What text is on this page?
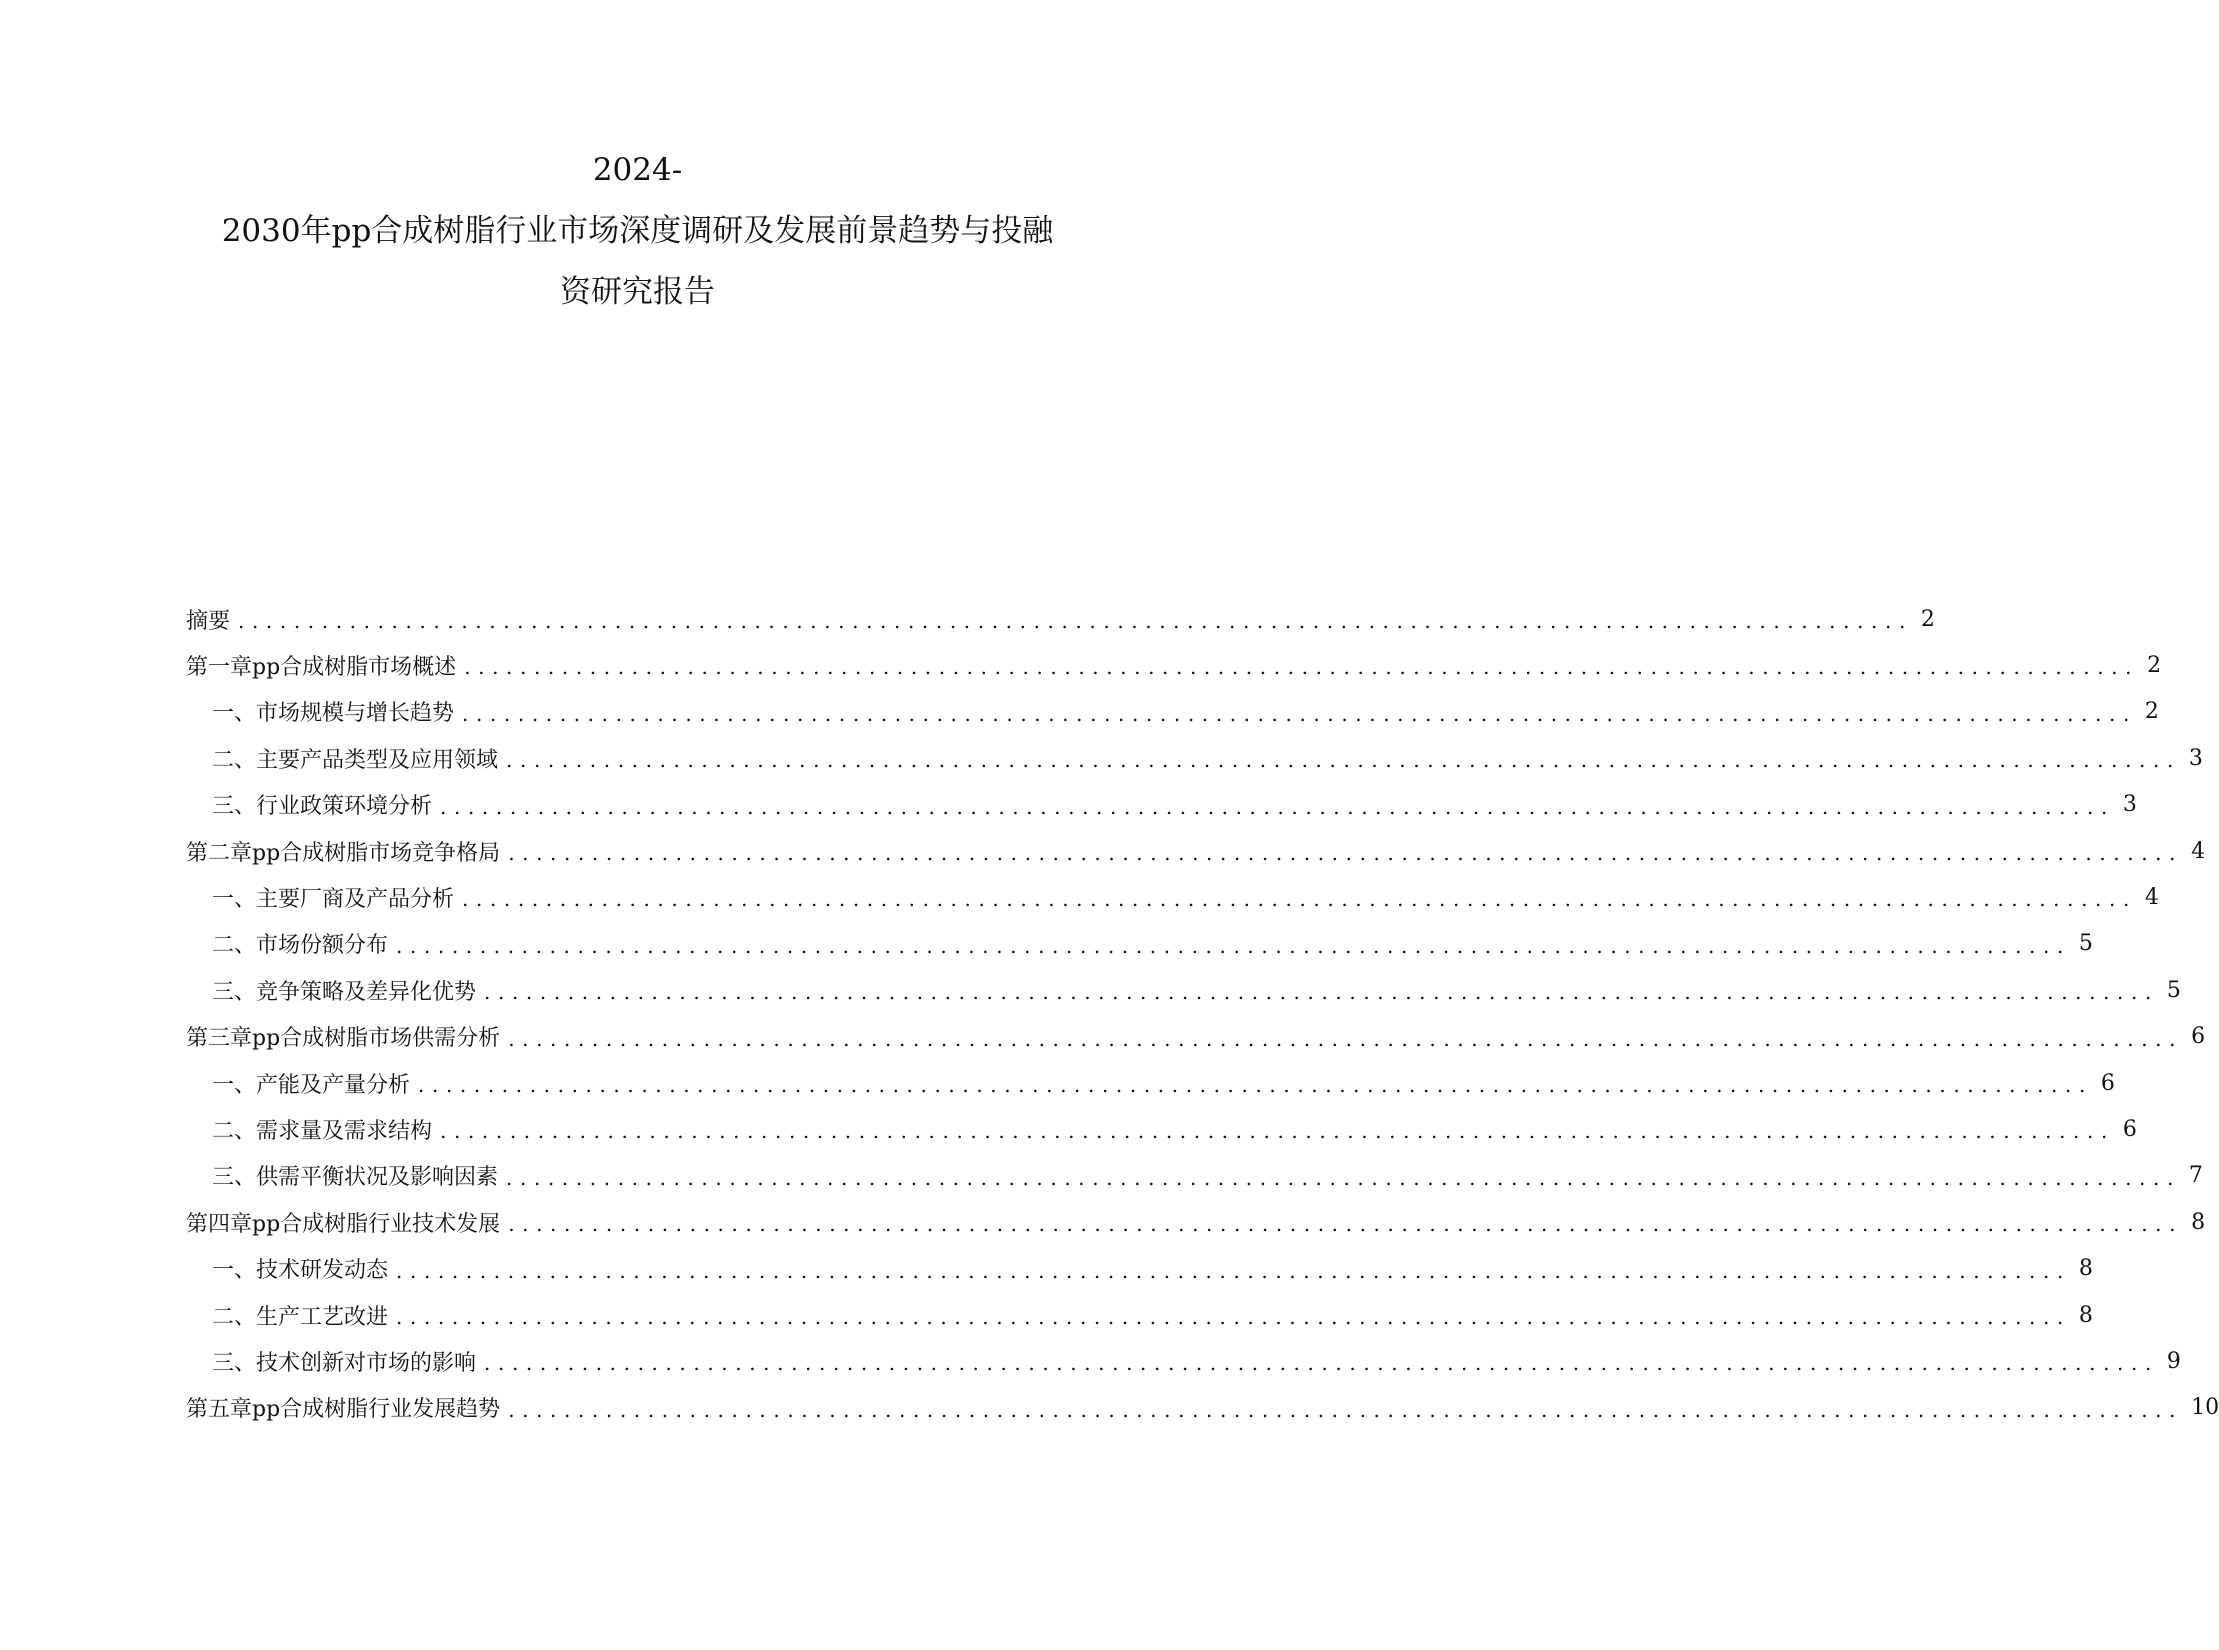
2024-
2030年pp合成树脂行业市场深度调研及发展前景趋势与投融
资研究报告
摘要 ........................................................................................................................ 2
第一章 pp合成树脂市场概述 ........................................................................................................................ 2
一、 市场规模与增长趋势 ........................................................................................................................ 2
二、 主要产品类型及应用领域 ........................................................................................................................ 3
三、 行业政策环境分析 ........................................................................................................................ 3
第二章 pp合成树脂市场竞争格局 ........................................................................................................................ 4
一、 主要厂商及产品分析 ........................................................................................................................ 4
二、 市场份额分布 ........................................................................................................................ 5
三、 竞争策略及差异化优势 ........................................................................................................................ 5
第三章 pp合成树脂市场供需分析 ........................................................................................................................ 6
一、 产能及产量分析 ........................................................................................................................ 6
二、 需求量及需求结构 ........................................................................................................................ 6
三、 供需平衡状况及影响因素 ........................................................................................................................ 7
第四章 pp合成树脂行业技术发展 ........................................................................................................................ 8
一、 技术研发动态 ........................................................................................................................ 8
二、 生产工艺改进 ........................................................................................................................ 8
三、 技术创新对市场的影响 ........................................................................................................................ 9
第五章 pp合成树脂行业发展趋势 ........................................................................................................................ 10
